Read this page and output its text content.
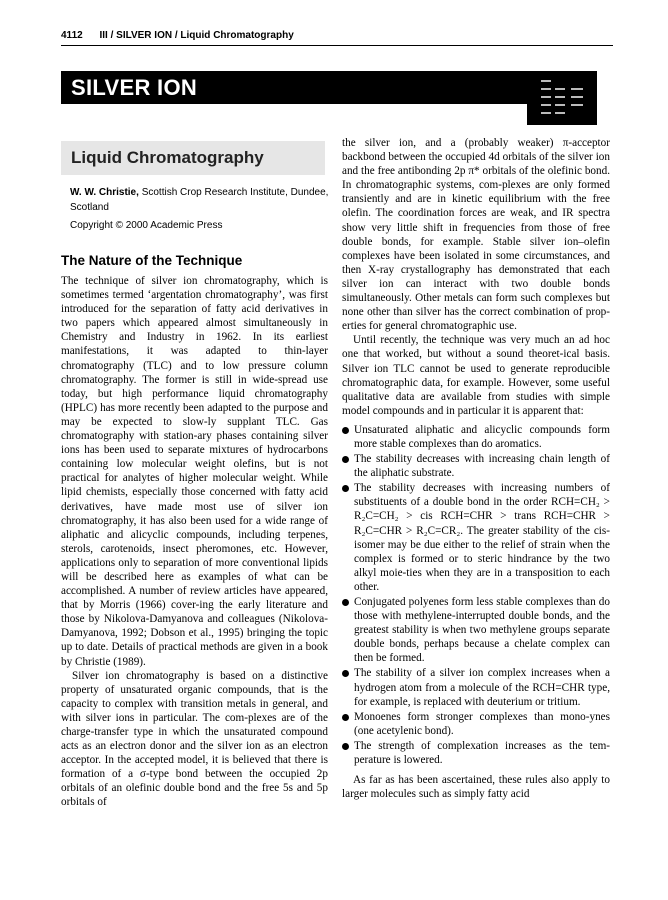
4112 III / SILVER ION / Liquid Chromatography
SILVER ION
Liquid Chromatography
W. W. Christie, Scottish Crop Research Institute, Dundee, Scotland
Copyright © 2000 Academic Press
The Nature of the Technique

The technique of silver ion chromatography, which is sometimes termed ‘argentation chromatography’, was first introduced for the separation of fatty acid derivatives in two papers which appeared almost simultaneously in Chemistry and Industry in 1962. In its earliest manifestations, it was adapted to thin-layer chromatography (TLC) and to low pressure column chromatography. The former is still in wide-spread use today, but high performance liquid chromatography (HPLC) has more recently been adapted to the purpose and may be expected to slow-ly supplant TLC. Gas chromatography with station-ary phases containing silver ions has been used to separate mixtures of hydrocarbons containing low molecular weight olefins, but is not practical for analytes of higher molecular weight. While lipid chemists, especially those concerned with fatty acid derivatives, have made most use of silver ion chromatography, it has also been used for a wide range of aliphatic and alicyclic compounds, including terpenes, sterols, carotenoids, insect pheromones, etc. However, applications only to separation of more conventional lipids will be described here as examples of what can be accomplished. A number of review articles have appeared, that by Morris (1966) cover-ing the early literature and those by Nikolova-Damyanova and colleagues (Nikolova-Damyanova, 1992; Dobson et al., 1995) bringing the topic up to date. Details of practical methods are given in a book by Christie (1989).

Silver ion chromatography is based on a distinctive property of unsaturated organic compounds, that is the capacity to complex with transition metals in general, and with silver ions in particular. The com-plexes are of the charge-transfer type in which the unsaturated compound acts as an electron donor and the silver ion as an electron acceptor. In the accepted model, it is believed that there is formation of a σ-type bond between the occupied 2p orbitals of an olefinic double bond and the free 5s and 5p orbitals of

the silver ion, and a (probably weaker) π-acceptor backbond between the occupied 4d orbitals of the silver ion and the free antibonding 2p π* orbitals of the olefinic bond. In chromatographic systems, com-plexes are only formed transiently and are in kinetic equilibrium with the free olefin. The coordination forces are weak, and IR spectra show very little shift in frequencies from those of free double bonds, for example. Stable silver ion–olefin complexes have been isolated in some circumstances, and then X-ray crystallography has demonstrated that each silver ion can interact with two double bonds simultaneously. Other metals can form such complexes but none other than silver has the correct combination of prop-erties for general chromatographic use.

Until recently, the technique was very much an ad hoc one that worked, but without a sound theoret-ical basis. Silver ion TLC cannot be used to generate reproducible chromatographic data, for example. However, some useful qualitative data are available from studies with simple model compounds and in particular it is apparent that:

Unsaturated aliphatic and alicyclic compounds form more stable complexes than do aromatics.
The stability decreases with increasing chain length of the aliphatic substrate.
The stability decreases with increasing numbers of substituents of a double bond in the order RCH=CH₂ > R₂C=CH₂ > cis RCH=CHR > trans RCH=CHR > R₂C=CHR > R₂C=CR₂. The greater stability of the cis-isomer may be due either to the relief of strain when the complex is formed or to steric hindrance by the two alkyl moie-ties when they are in a transposition to each other.
Conjugated polyenes form less stable complexes than do those with methylene-interrupted double bonds, and the greatest stability is when two methylene groups separate double bonds, perhaps because a chelate complex can then be formed.
The stability of a silver ion complex increases when a hydrogen atom from a molecule of the RCH=CHR type, for example, is replaced with deuterium or tritium.
Monoenes form stronger complexes than mono-ynes (one acetylenic bond).
The strength of complexation increases as the tem-perature is lowered.

As far as has been ascertained, these rules also apply to larger molecules such as simply fatty acid
